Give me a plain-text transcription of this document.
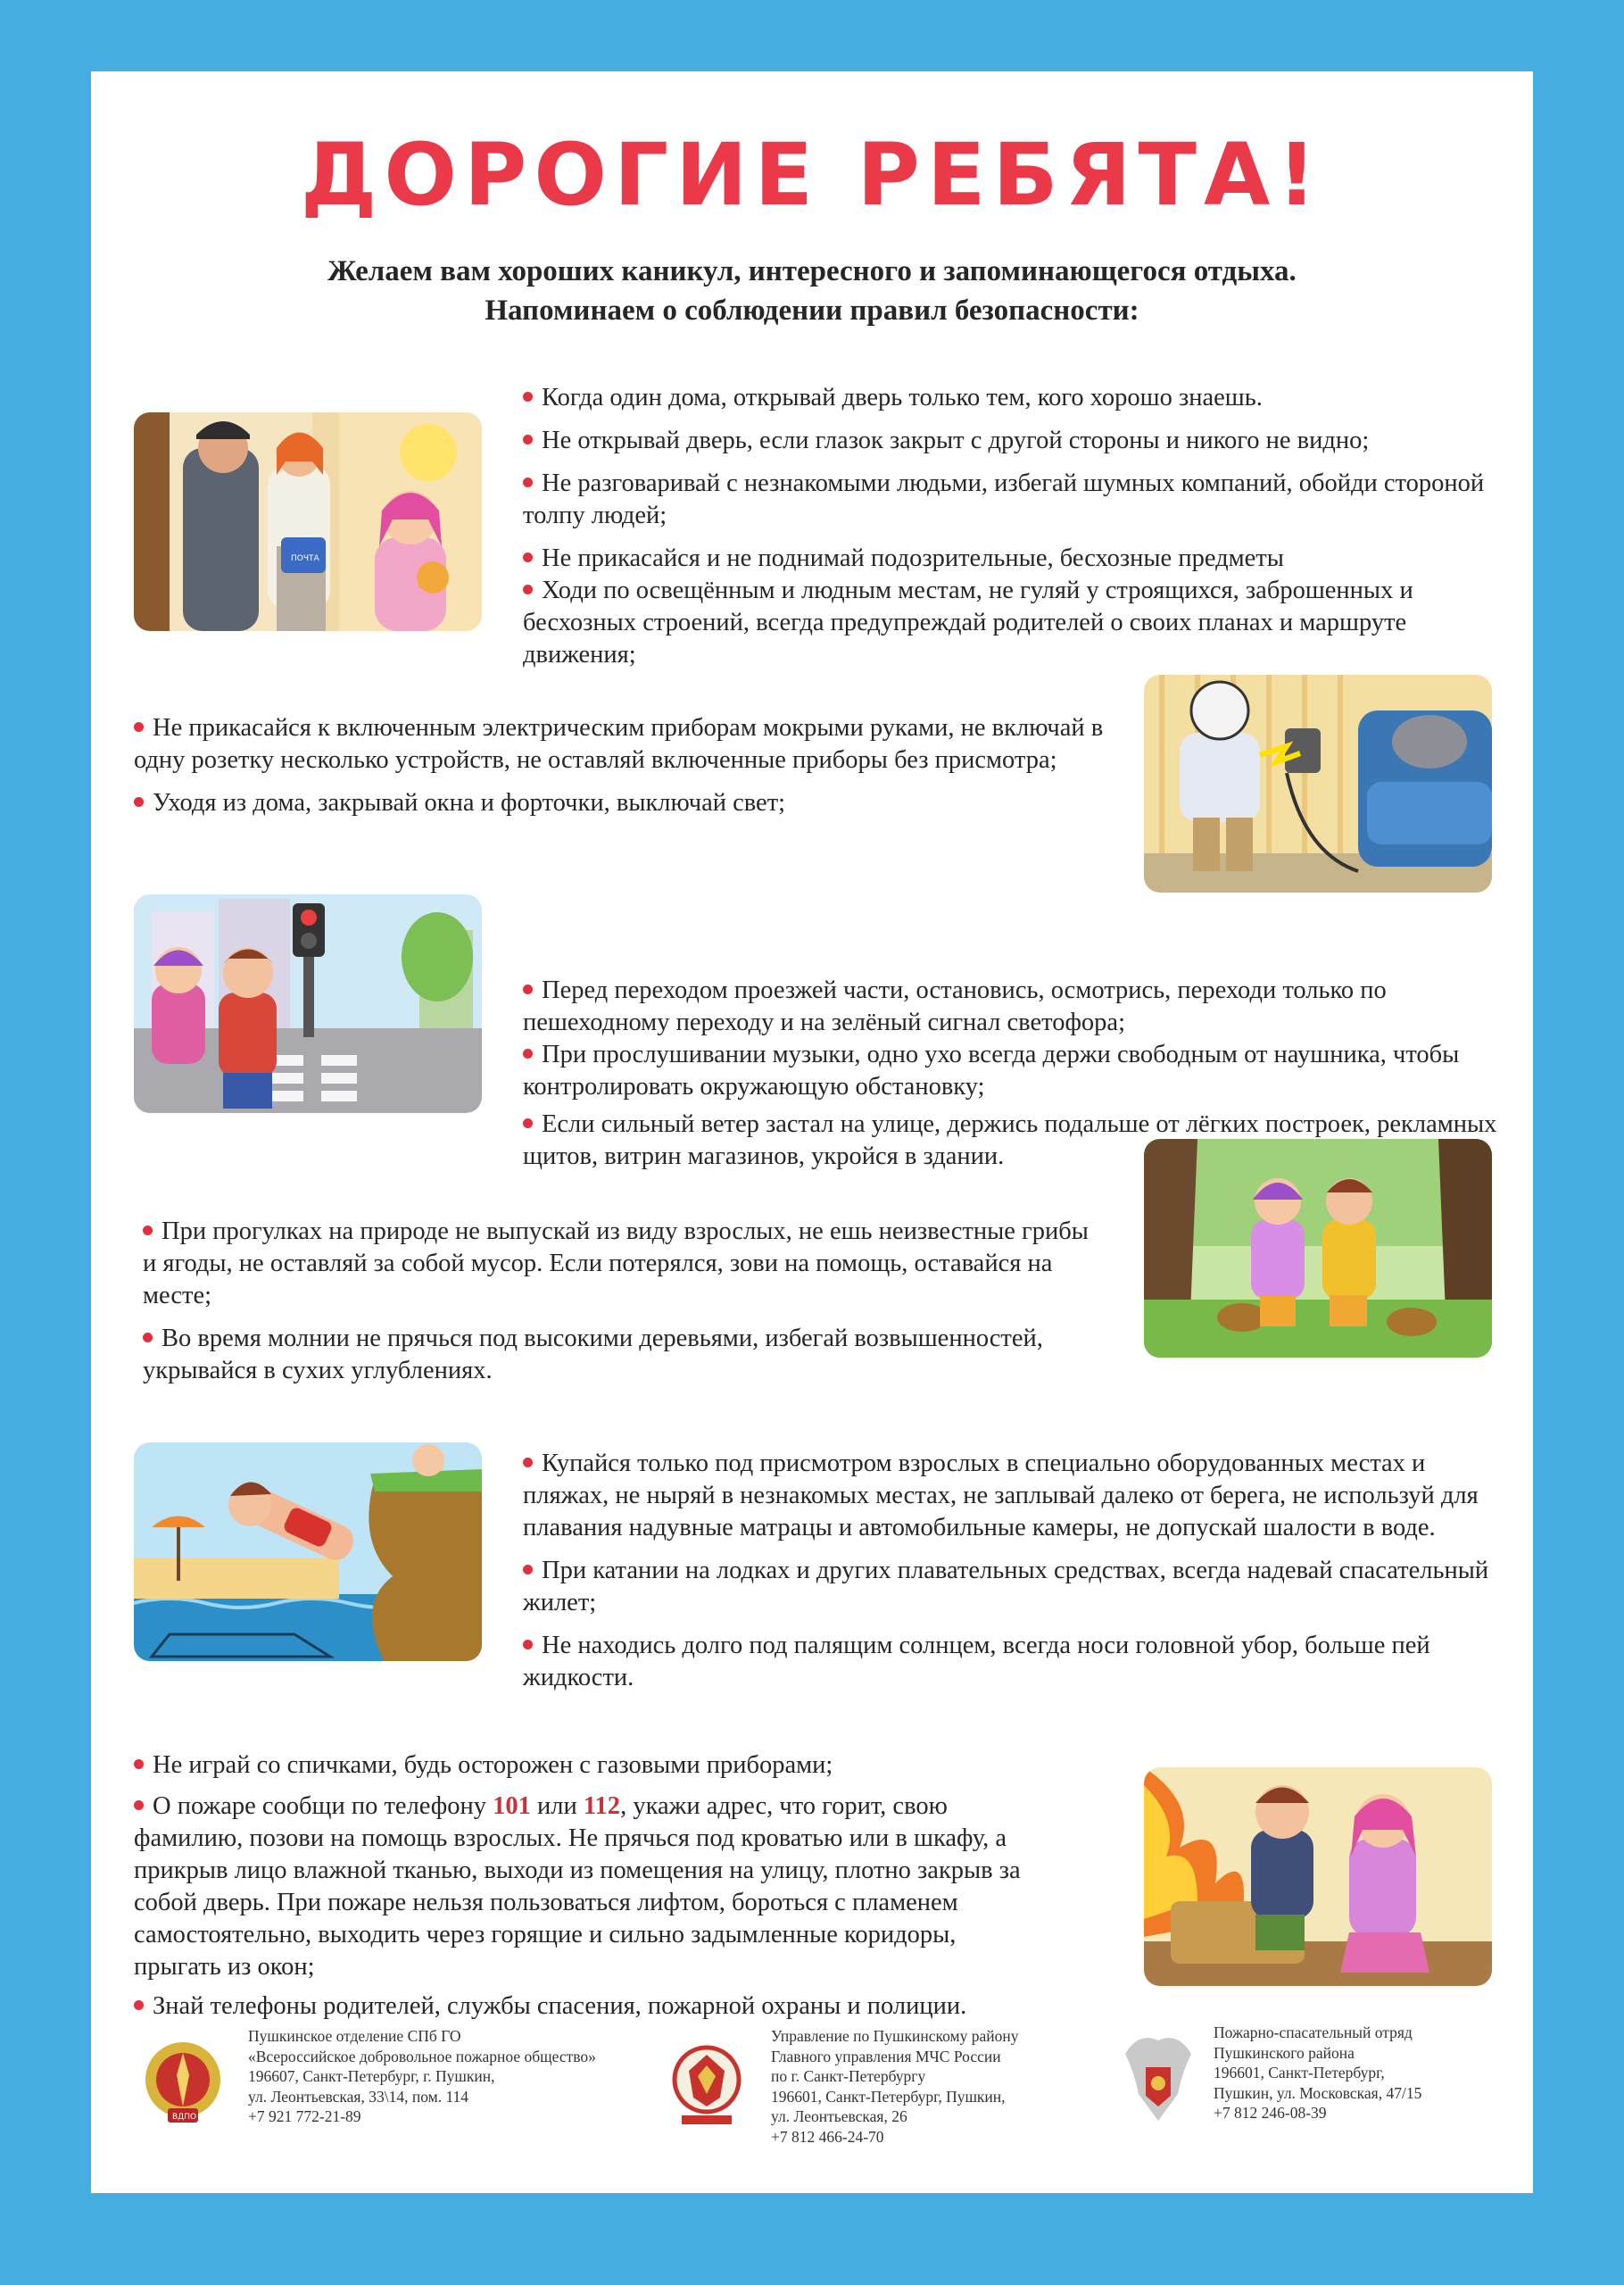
ДОРОГИЕ РЕБЯТА!
Желаем вам хороших каникул, интересного и запоминающегося отдыха.
Напоминаем о соблюдении правил безопасности:
ПОЧТА

Когда один дома, открывай дверь только тем, кого хорошо знаешь.

Не открывай дверь, если глазок закрыт с другой стороны и никого не видно;

Не разговаривай с незнакомыми людьми, избегай шумных компаний, обойди стороной толпу людей;

Не прикасайся и не поднимай подозрительные, бесхозные предметы

Ходи по освещённым и людным местам, не гуляй у строящихся, заброшенных и бесхозных строений, всегда предупреждай родителей о своих планах и маршруте движения;

Не прикасайся к включенным электрическим приборам мокрыми руками, не включай в одну розетку несколько устройств, не оставляй включенные приборы без присмотра;

Уходя из дома, закрывай окна и форточки, выключай свет;

Перед переходом проезжей части, остановись, осмотрись, переходи только по пешеходному переходу и на зелёный сигнал светофора;

При прослушивании музыки, одно ухо всегда держи свободным от наушника, чтобы контролировать окружающую обстановку;

Если сильный ветер застал на улице, держись подальше от лёгких построек, рекламных щитов, витрин магазинов, укройся в здании.

При прогулках на природе не выпускай из виду взрослых, не ешь неизвестные грибы и ягоды, не оставляй за собой мусор. Если потерялся, зови на помощь, оставайся на месте;

Во время молнии не прячься под высокими деревьями, избегай возвышенностей, укрывайся в сухих углублениях.

Купайся только под присмотром взрослых в специально оборудованных местах и пляжах, не ныряй в незнакомых местах, не заплывай далеко от берега, не используй для плавания надувные матрацы и автомобильные камеры, не допускай шалости в воде.

При катании на лодках и других плавательных средствах, всегда надевай спасательный жилет;

Не находись долго под палящим солнцем, всегда носи головной убор, больше пей жидкости.

Не играй со спичками, будь осторожен с газовыми приборами;

О пожаре сообщи по телефону 101 или 112, укажи адрес, что горит, свою фамилию, позови на помощь взрослых. Не прячься под кроватью или в шкафу, а прикрыв лицо влажной тканью, выходи из помещения на улицу, плотно закрыв за собой дверь. При пожаре нельзя пользоваться лифтом, бороться с пламенем самостоятельно, выходить через горящие и сильно задымленные коридоры, прыгать из окон;

Знай телефоны родителей, службы спасения, пожарной охраны и полиции.

ВДПО
Пушкинское отделение СПб ГО
«Всероссийское добровольное пожарное общество»
196607, Санкт-Петербург, г. Пушкин,
ул. Леонтьевская, 33\14, пом. 114
+7 921 772-21-89
Управление по Пушкинскому району
Главного управления МЧС России
по г. Санкт-Петербургу
196601, Санкт-Петербург, Пушкин,
ул. Леонтьевская, 26
+7 812 466-24-70
Пожарно-спасательный отряд
Пушкинского района
196601, Санкт-Петербург,
Пушкин, ул. Московская, 47/15
+7 812 246-08-39
